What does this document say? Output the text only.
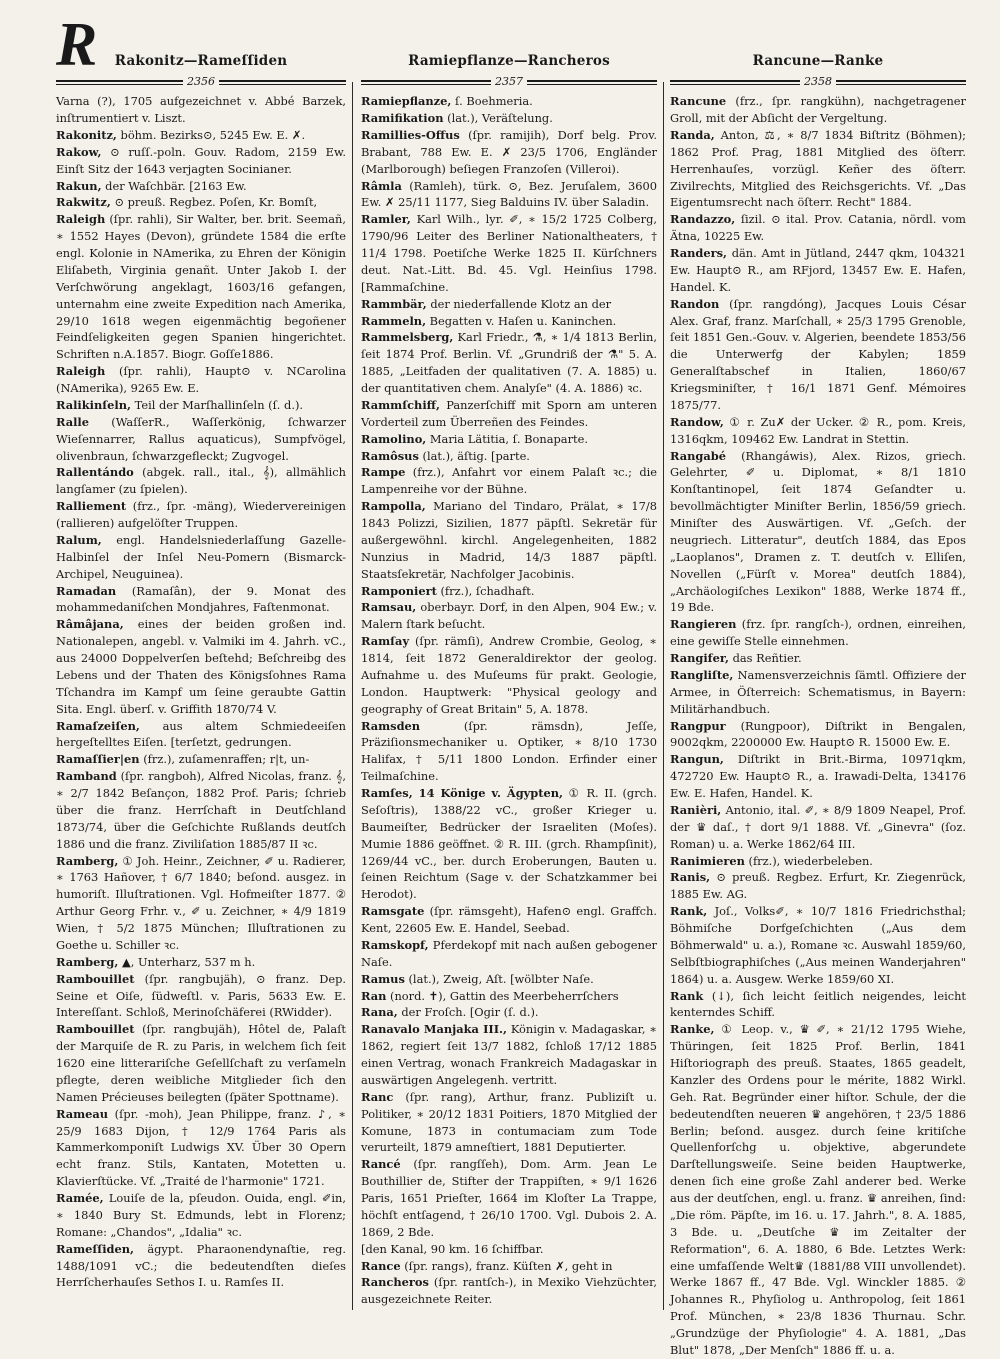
R	Rakonitz—Rameſſiden
2356

Varna (?), 1705 aufgezeichnet v. Abbé Barzek, inſtrumentiert v. Liszt.

Rakonitz, böhm. Bezirks⊙, 5245 Ew. E. ✗.

Rakow, ⊙ ruſſ.-poln. Gouv. Radom, 2159 Ew. Einſt Sitz der 1643 verjagten Socinianer.

Rakun, der Waſchbär. [2163 Ew.

Rakwitz, ⊙ preuß. Regbez. Poſen, Kr. Bomſt,

Raleigh (ſpr. rahli), Sir Walter, ber. brit. Seemañ, ∗ 1552 Hayes (Devon), gründete 1584 die erſte engl. Kolonie in NAmerika, zu Ehren der Königin Eliſabeth, Virginia genañt. Unter Jakob I. der Verſchwörung angeklagt, 1603/16 gefangen, unternahm eine zweite Expedition nach Amerika, 29/10 1618 wegen eigenmächtig begoñener Feindſeligkeiten gegen Spanien hingerichtet. Schriften n.A.1857. Biogr. Goſſe1886.

Raleigh (ſpr. rahli), Haupt⊙ v. NCarolina (NAmerika), 9265 Ew. E.

Ralikinſeln, Teil der Marſhallinſeln (ſ. d.).

Ralle (WaſſerR., Waſſerkönig, ſchwarzer Wieſennarrer, Rallus aquaticus), Sumpfvögel, olivenbraun, ſchwarzgefleckt; Zugvogel.

Rallentándo (abgek. rall., ital., 𝄞), allmählich langſamer (zu ſpielen).

Ralliement (frz., ſpr. -mäng), Wiedervereinigen (rallieren) aufgelöſter Truppen.

Ralum, engl. Handelsniederlaſſung Gazelle-Halbinſel der Inſel Neu-Pomern (Bismarck-Archipel, Neuguinea).

Ramadan (Ramaſân), der 9. Monat des mohammedaniſchen Mondjahres, Faſtenmonat.

Râmâjana, eines der beiden großen ind. Nationalepen, angebl. v. Valmiki im 4. Jahrh. vC., aus 24000 Doppelverſen beſtehd; Beſchreibg des Lebens und der Thaten des Königsſohnes Rama Tſchandra im Kampf um ſeine geraubte Gattin Sita. Engl. überſ. v. Griffith 1870/74 V.

Ramaſzeiſen, aus altem Schmiedeeiſen hergeſtelltes Eiſen. [terſetzt, gedrungen.

Ramaſſier|en (frz.), zuſamenraffen; r|t, un-

Ramband (ſpr. rangboh), Alfred Nicolas, franz. 𝄞, ∗ 2/7 1842 Beſançon, 1882 Prof. Paris; ſchrieb über die franz. Herrſchaft in Deutſchland 1873/74, über die Geſchichte Rußlands deutſch 1886 und die franz. Ziviliſation 1885/87 II ꝛc.

Ramberg, ① Joh. Heinr., Zeichner, ✐ u. Radierer, ∗ 1763 Hañover, † 6/7 1840; beſond. ausgez. in humoriſt. Illuſtrationen. Vgl. Hofmeiſter 1877. ② Arthur Georg Frhr. v., ✐ u. Zeichner, ∗ 4/9 1819 Wien, † 5/2 1875 München; Illuſtrationen zu Goethe u. Schiller ꝛc.

Ramberg, ▲, Unterharz, 537 m h.

Rambouillet (ſpr. rangbujäh), ⊙ franz. Dep. Seine et Oiſe, ſüdweſtl. v. Paris, 5633 Ew. E. Intereſſant. Schloß, Merinoſchäferei (RWidder).

Rambouillet (ſpr. rangbujäh), Hôtel de, Palaſt der Marquiſe de R. zu Paris, in welchem ſich ſeit 1620 eine litterariſche Geſellſchaft zu verſameln pflegte, deren weibliche Mitglieder ſich den Namen Précieuses beilegten (ſpäter Spottname).

Rameau (ſpr. -moh), Jean Philippe, franz. ♪, ∗ 25/9 1683 Dijon, † 12/9 1764 Paris als Kammerkomponiſt Ludwigs XV. Über 30 Opern echt franz. Stils, Kantaten, Motetten u. Klavierſtücke. Vf. „Traité de l'harmonie" 1721.

Ramée, Louiſe de la, pſeudon. Ouida, engl. ✐in, ∗ 1840 Bury St. Edmunds, lebt in Florenz; Romane: „Chandos", „Idalia" ꝛc.

Rameſſiden, ägypt. Pharaonendynaſtie, reg. 1488/1091 vC.; die bedeutendſten dieſes Herrſcherhauſes Sethos I. u. Ramſes II.

Ramiepflanze—Rancheros
2357

Ramiepflanze, ſ. Boehmeria.

Ramifikation (lat.), Veräſtelung.

Ramillies-Offus (ſpr. ramijih), Dorf belg. Prov. Brabant, 788 Ew. E. ✗ 23/5 1706, Engländer (Marlborough) beſiegen Franzoſen (Villeroi).

Râmla (Ramleh), türk. ⊙, Bez. Jeruſalem, 3600 Ew. ✗ 25/11 1177, Sieg Balduins IV. über Saladin.

Ramler, Karl Wilh., lyr. ✐, ∗ 15/2 1725 Colberg, 1790/96 Leiter des Berliner Nationaltheaters, † 11/4 1798. Poetiſche Werke 1825 II. Kürſchners deut. Nat.-Litt. Bd. 45. Vgl. Heinſius 1798. [Rammaſchine.

Rammbär, der niederfallende Klotz an der

Rammeln, Begatten v. Haſen u. Kaninchen.

Rammelsberg, Karl Friedr., ⚗, ∗ 1/4 1813 Berlin, ſeit 1874 Prof. Berlin. Vf. „Grundriß der ⚗" 5. A. 1885, „Leitfaden der qualitativen (7. A. 1885) u. der quantitativen chem. Analyſe" (4. A. 1886) ꝛc.

Rammſchiff, Panzerſchiff mit Sporn am unteren Vorderteil zum Überreñen des Feindes.

Ramolino, Maria Lätitia, ſ. Bonaparte.

Ramôsus (lat.), äſtig. [parte.

Rampe (frz.), Anfahrt vor einem Palaſt ꝛc.; die Lampenreihe vor der Bühne.

Rampolla, Mariano del Tindaro, Prälat, ∗ 17/8 1843 Polizzi, Sizilien, 1877 päpſtl. Sekretär für außergewöhnl. kirchl. Angelegenheiten, 1882 Nunzius in Madrid, 14/3 1887 päpſtl. Staatsſekretär, Nachfolger Jacobinis.

Ramponiert (frz.), ſchadhaft.

Ramsau, oberbayr. Dorf, in den Alpen, 904 Ew.; v. Malern ſtark beſucht.

Ramſay (ſpr. rämſi), Andrew Crombie, Geolog, ∗ 1814, ſeit 1872 Generaldirektor der geolog. Aufnahme u. des Muſeums für prakt. Geologie, London. Hauptwerk: "Physical geology and geography of Great Britain" 5, A. 1878.

Ramsden	(ſpr. rämsdn), Jeſſe, Präziſionsmechaniker u. Optiker, ∗ 8/10 1730 Halifax, † 5/11 1800 London. Erfinder einer Teilmaſchine.

Ramſes, 14 Könige v. Ägypten, ① R. II. (grch. Seſoſtris), 1388/22 vC., großer Krieger u. Baumeiſter, Bedrücker der Israeliten (Moſes). Mumie 1886 geöffnet. ② R. III. (grch. Rhampſinit), 1269/44 vC., ber. durch Eroberungen, Bauten u. ſeinen Reichtum (Sage v. der Schatzkammer bei Herodot).

Ramsgate (ſpr. rämsgeht), Hafen⊙ engl. Graffch. Kent, 22605 Ew. E. Handel, Seebad.

Ramskopf, Pferdekopf mit nach außen gebogener Naſe.

Ramus (lat.), Zweig, Aſt. [wölbter Naſe.

Ran (nord. ✝), Gattin des Meerbeherrſchers

Rana, der Froſch. [Ogir (ſ. d.).

Ranavalo Manjaka III., Königin v. Madagaskar, ∗ 1862, regiert ſeit 13/7 1882, ſchloß 17/12 1885 einen Vertrag, wonach Frankreich Madagaskar in auswärtigen Angelegenh. vertritt.

Ranc (ſpr. rang), Arthur, franz. Publiziſt u. Politiker, ∗ 20/12 1831 Poitiers, 1870 Mitglied der Komune, 1873 in contumaciam zum Tode verurteilt, 1879 amneſtiert, 1881 Deputierter.

Rancé (ſpr. rangſſeh), Dom. Arm. Jean Le Bouthillier de, Stifter der Trappiſten, ∗ 9/1 1626 Paris, 1651 Prieſter, 1664 im Kloſter La Trappe, höchſt entſagend, † 26/10 1700. Vgl. Dubois 2. A. 1869, 2 Bde.

[den Kanal, 90 km. 16 ſchiffbar.

Rance (ſpr. rangs), franz. Küſten ✗, geht in

Rancheros (ſpr. rantſch-), in Mexiko Viehzüchter, ausgezeichnete Reiter.

Rancune—Ranke
2358

Rancune (frz., ſpr. rangkühn), nachgetragener Groll, mit der Abſicht der Vergeltung.

Randa, Anton, ⚖, ∗ 8/7 1834 Biſtritz (Böhmen); 1862 Prof. Prag, 1881 Mitglied des öſterr. Herrenhauſes, vorzügl. Keñer des öſterr. Zivilrechts, Mitglied des Reichsgerichts. Vf. „Das Eigentumsrecht nach öſterr. Recht" 1884.

Randazzo, ſizil. ⊙ ital. Prov. Catania, nördl. vom Ätna, 10225 Ew.

Randers, dän. Amt in Jütland, 2447 qkm, 104321 Ew. Haupt⊙ R., am RFjord, 13457 Ew. E. Hafen, Handel. K.

Randon (ſpr. rangdóng), Jacques Louis César Alex. Graf, franz. Marſchall, ∗ 25/3 1795 Grenoble, ſeit 1851 Gen.-Gouv. v. Algerien, beendete 1853/56 die Unterwerfg der Kabylen; 1859 Generalſtabschef in Italien, 1860/67 Kriegsminiſter, † 16/1 1871 Genf. Mémoires 1875/77.

Randow, ① r. Zu✗ der Ucker. ② R., pom. Kreis, 1316qkm, 109462 Ew. Landrat in Stettin.

Rangabé (Rhangáwis), Alex. Rizos, griech. Gelehrter, ✐ u. Diplomat, ∗ 8/1 1810 Konſtantinopel, ſeit 1874 Geſandter u. bevollmächtigter Miniſter Berlin, 1856/59 griech. Miniſter des Auswärtigen. Vf. „Geſch. der neugriech. Litteratur", deutſch 1884, das Epos „Laoplanos", Dramen z. T. deutſch v. Elliſen, Novellen („Fürſt v. Morea" deutſch 1884), „Archäologiſches Lexikon" 1888, Werke 1874 ff., 19 Bde.

Rangieren (frz. ſpr. rangſch-), ordnen, einreihen, eine gewiſſe Stelle einnehmen.

Rangifer, das Reñtier.

Rangliſte, Namensverzeichnis ſämtl. Offiziere der Armee, in Öſterreich: Schematismus, in Bayern: Militärhandbuch.

Rangpur (Rungpoor), Diſtrikt in Bengalen, 9002qkm, 2200000 Ew. Haupt⊙ R. 15000 Ew. E.

Rangun, Diſtrikt in Brit.-Birma, 10971qkm, 472720 Ew. Haupt⊙ R., a. Irawadi-Delta, 134176 Ew. E. Hafen, Handel. K.

Ranièri, Antonio, ital. ✐, ∗ 8/9 1809 Neapel, Prof. der ♛ daſ., † dort 9/1 1888. Vf. „Ginevra" (ſoz. Roman) u. a. Werke 1862/64 III.

Ranimieren (frz.), wiederbeleben.

Ranis, ⊙ preuß. Regbez. Erfurt, Kr. Ziegenrück, 1885 Ew. AG.

Rank, Joſ., Volks✐, ∗ 10/7 1816 Friedrichsthal; Böhmiſche Dorfgeſchichten („Aus dem Böhmerwald" u. a.), Romane ꝛc. Auswahl 1859/60, Selbſtbiographiſches („Aus meinen Wanderjahren" 1864) u. a. Ausgew. Werke 1859/60 XI.

Rank (↓), ſich leicht ſeitlich neigendes, leicht kenterndes Schiff.

Ranke, ① Leop. v., ♛ ✐, ∗ 21/12 1795 Wiehe, Thüringen, ſeit 1825 Prof. Berlin, 1841 Hiſtoriograph des preuß. Staates, 1865 geadelt, Kanzler des Ordens pour le mérite, 1882 Wirkl. Geh. Rat. Begründer einer hiſtor. Schule, der die bedeutendſten neueren ♛ angehören, † 23/5 1886 Berlin; beſond. ausgez. durch ſeine kritiſche Quellenforſchg u. objektive, abgerundete Darſtellungsweiſe. Seine beiden Hauptwerke, denen ſich eine große Zahl anderer bed. Werke aus der deutſchen, engl. u. franz. ♛ anreihen, ſind: „Die röm. Päpſte, im 16. u. 17. Jahrh.", 8. A. 1885, 3 Bde. u. „Deutſche ♛ im Zeitalter der Reformation", 6. A. 1880, 6 Bde. Letztes Werk: eine umfaſſende Welt♛ (1881/88 VIII unvollendet). Werke 1867 ff., 47 Bde. Vgl. Winckler 1885. ② Johannes R., Phyſiolog u. Anthropolog, ſeit 1861 Prof. München, ∗ 23/8 1836 Thurnau. Schr. „Grundzüge der Phyſiologie" 4. A. 1881, „Das Blut" 1878, „Der Menſch" 1886 ff. u. a.
